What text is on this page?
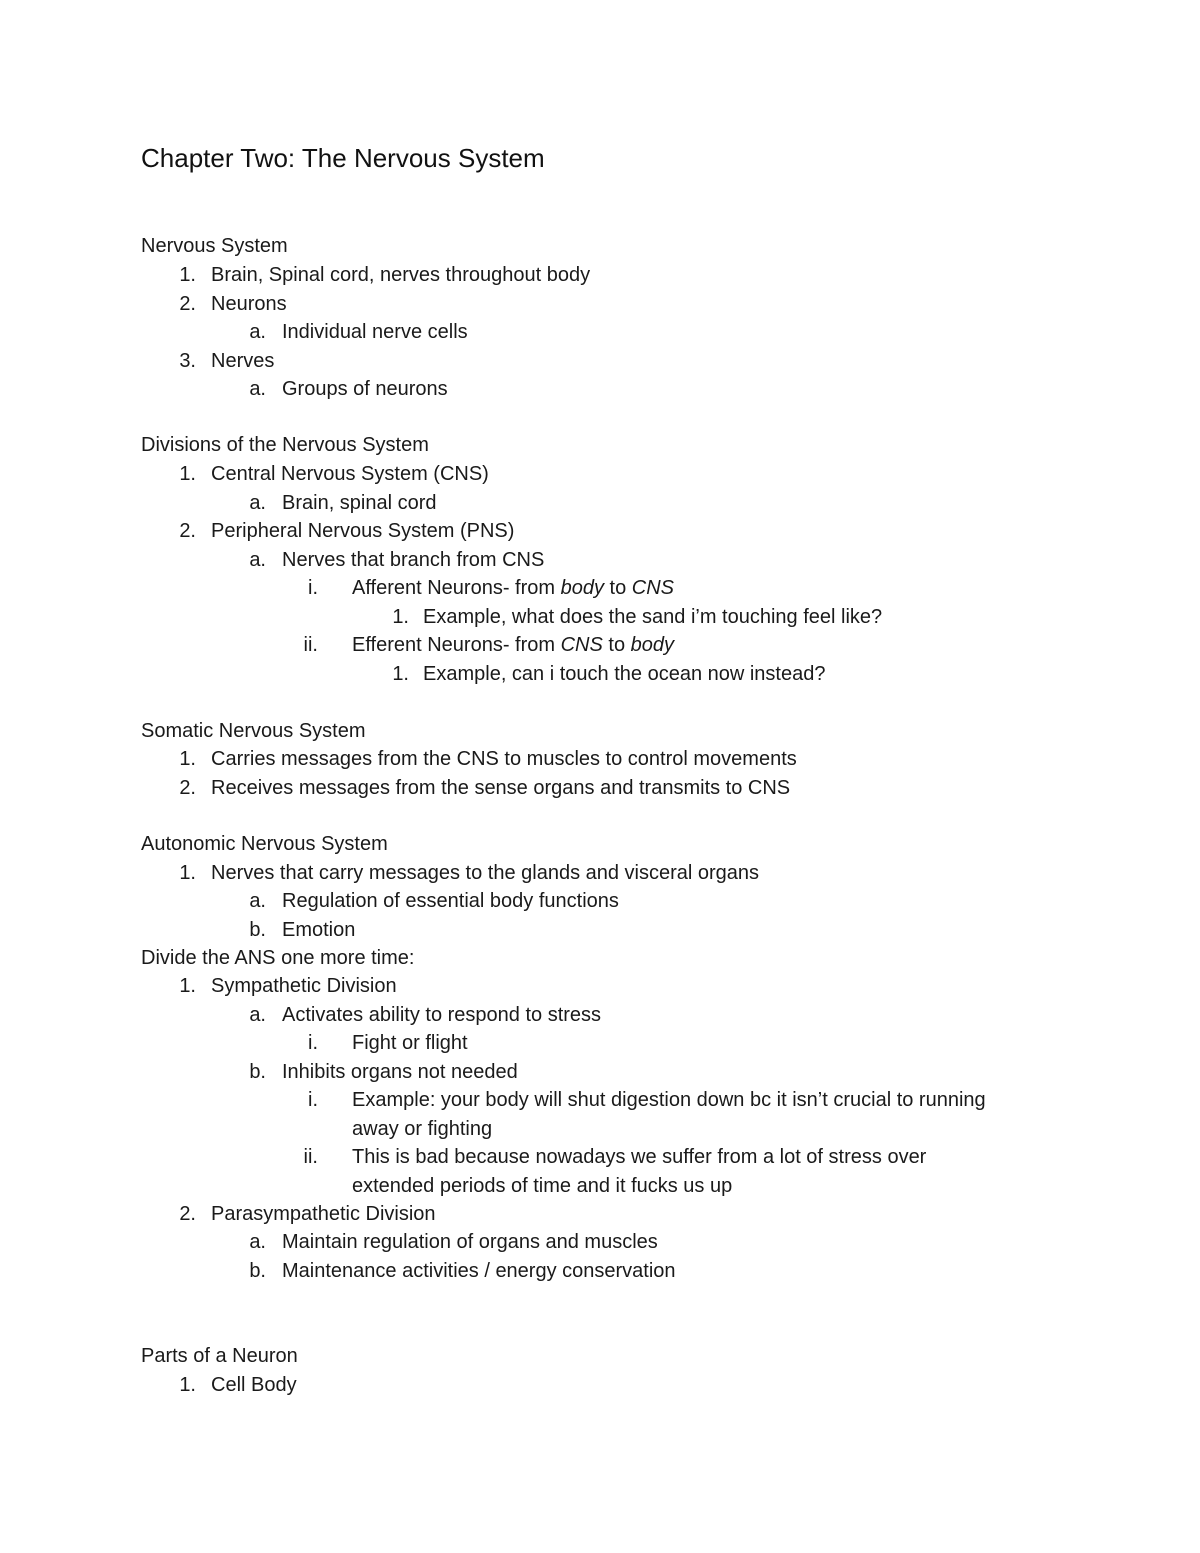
Chapter Two: The Nervous System
Nervous System
1. Brain, Spinal cord, nerves throughout body
2. Neurons
a. Individual nerve cells
3. Nerves
a. Groups of neurons
Divisions of the Nervous System
1. Central Nervous System (CNS)
a. Brain, spinal cord
2. Peripheral Nervous System (PNS)
a. Nerves that branch from CNS
i. Afferent Neurons- from body to CNS
1. Example, what does the sand i’m touching feel like?
ii. Efferent Neurons- from CNS to body
1. Example, can i touch the ocean now instead?
Somatic Nervous System
1. Carries messages from the CNS to muscles to control movements
2. Receives messages from the sense organs and transmits to CNS
Autonomic Nervous System
1. Nerves that carry messages to the glands and visceral organs
a. Regulation of essential body functions
b. Emotion
Divide the ANS one more time:
1. Sympathetic Division
a. Activates ability to respond to stress
i. Fight or flight
b. Inhibits organs not needed
i. Example: your body will shut digestion down bc it isn’t crucial to running
away or fighting
ii. This is bad because nowadays we suffer from a lot of stress over
extended periods of time and it fucks us up
2. Parasympathetic Division
a. Maintain regulation of organs and muscles
b. Maintenance activities / energy conservation
Parts of a Neuron
1. Cell Body
